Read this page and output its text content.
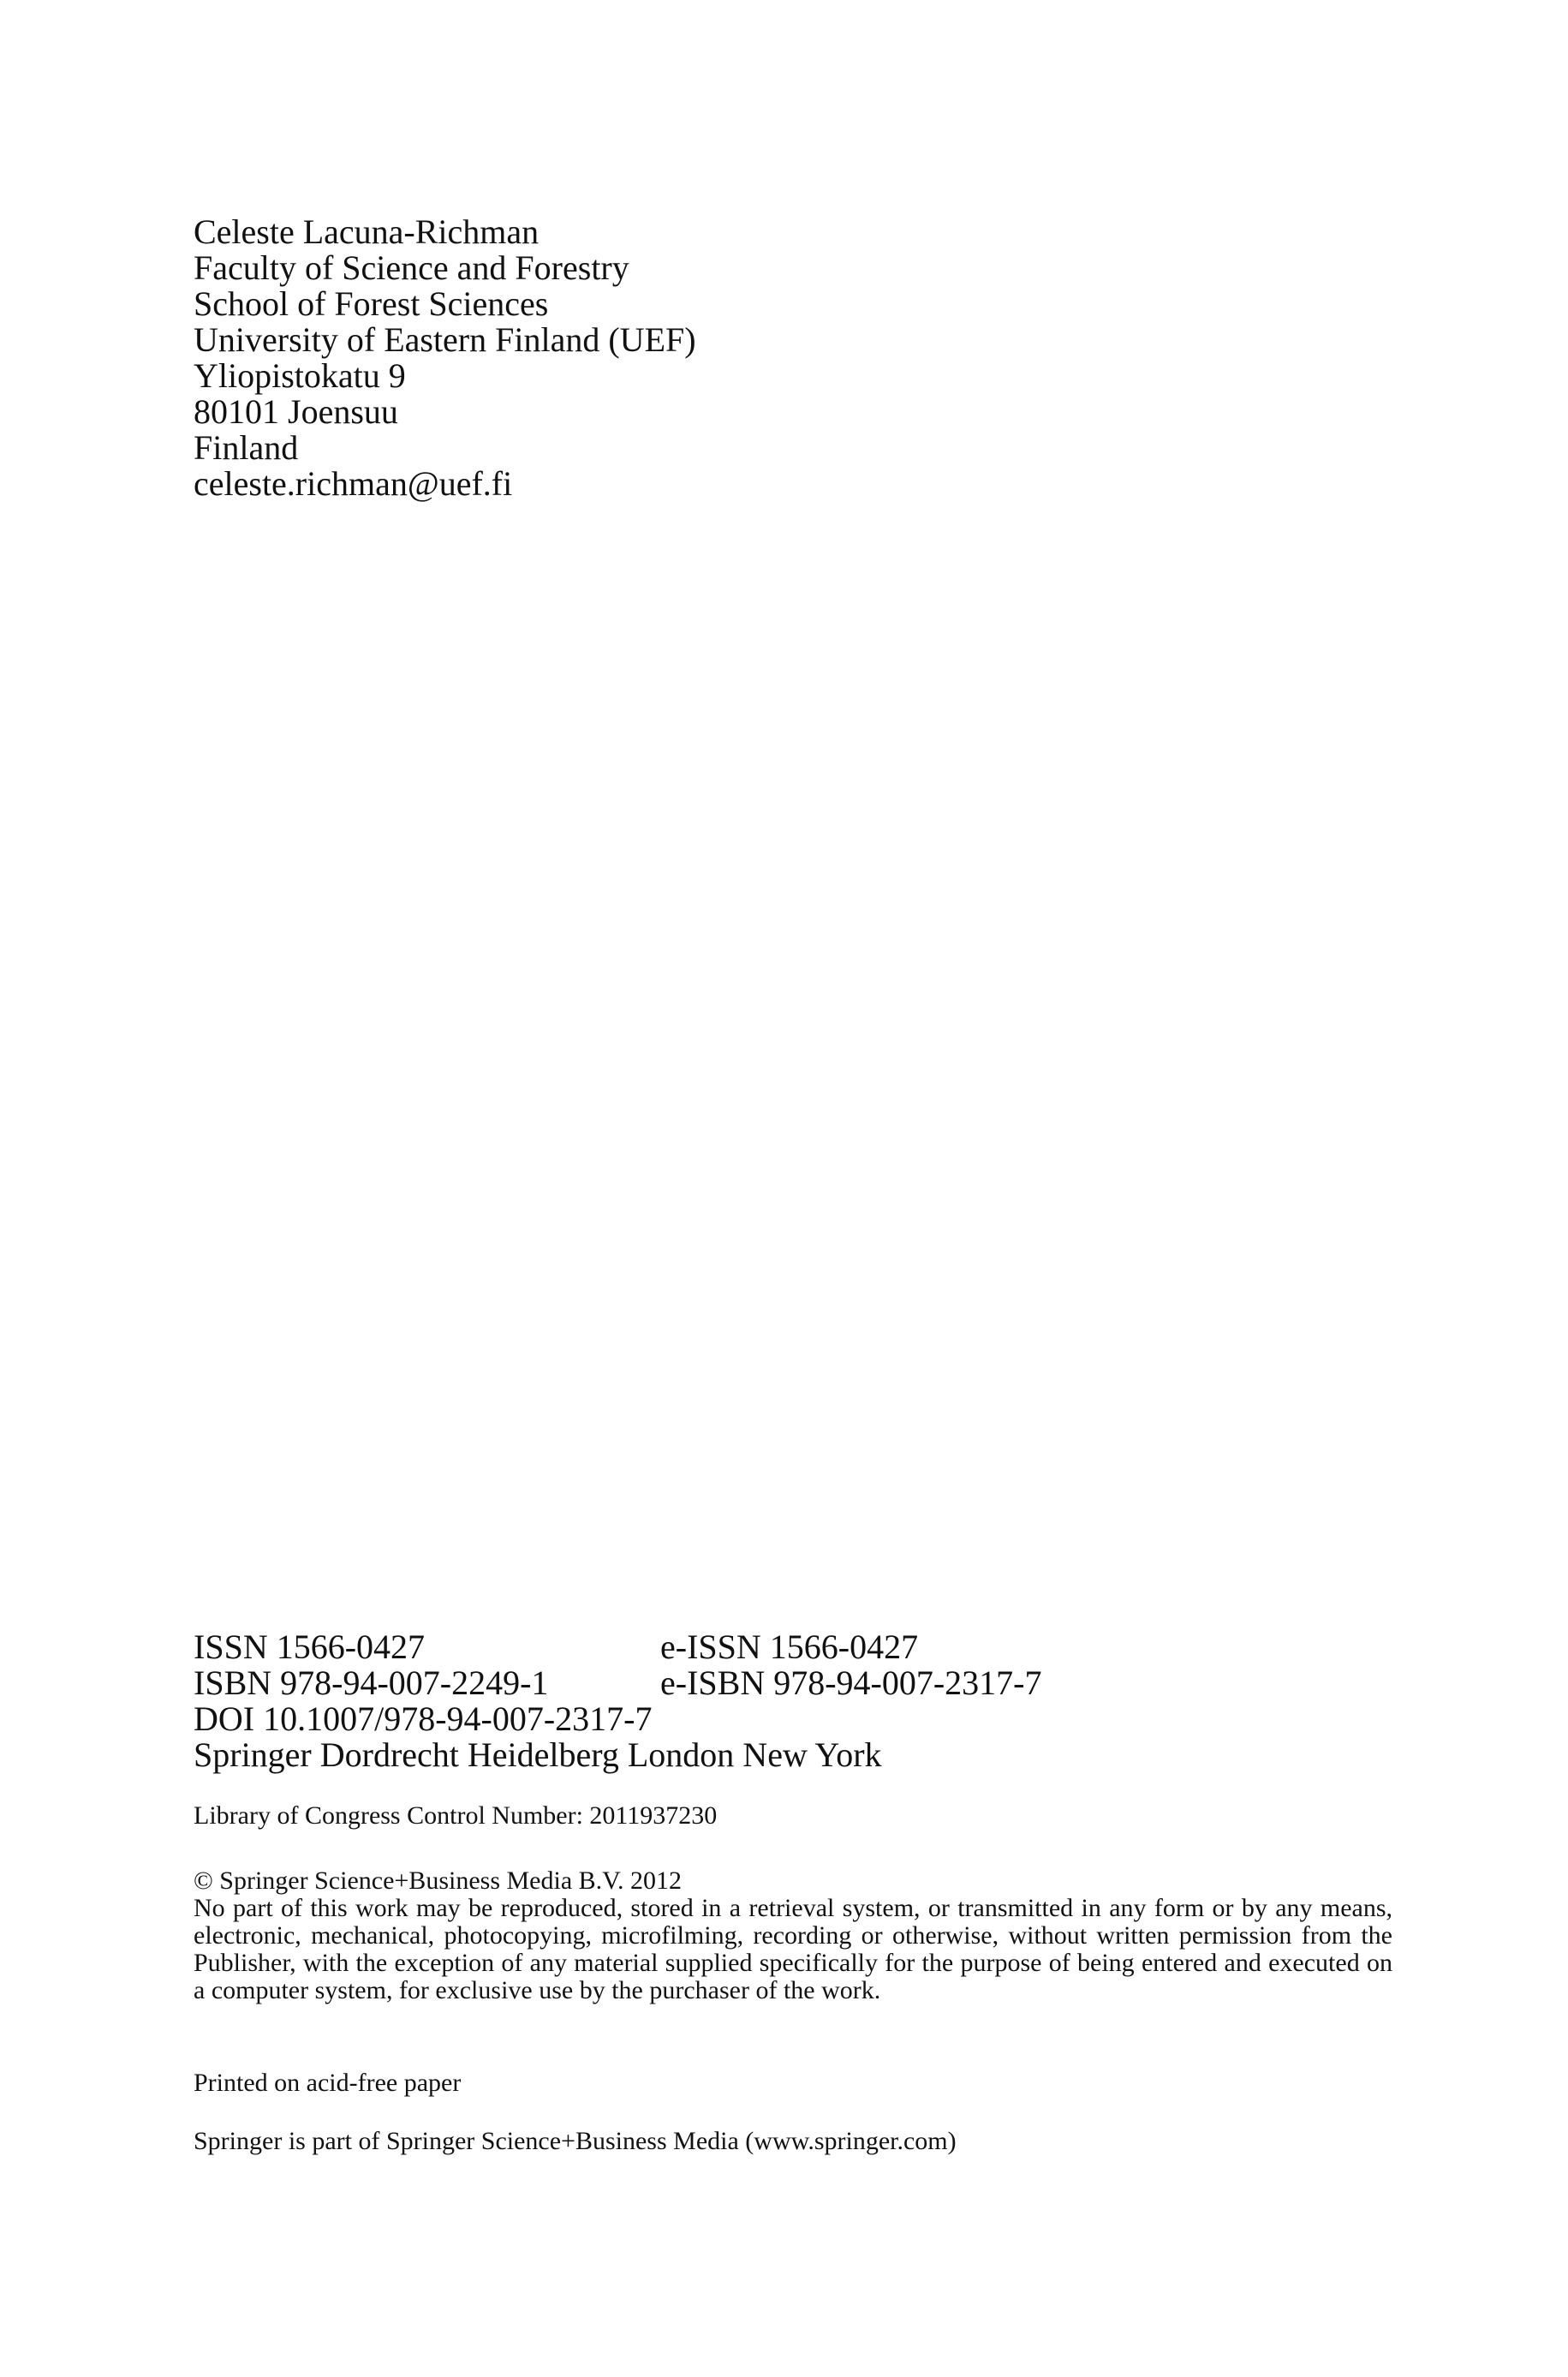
Celeste Lacuna-Richman
Faculty of Science and Forestry
School of Forest Sciences
University of Eastern Finland (UEF)
Yliopistokatu 9
80101 Joensuu
Finland
celeste.richman@uef.fi
ISSN 1566-0427	e-ISSN 1566-0427
ISBN 978-94-007-2249-1	e-ISBN 978-94-007-2317-7
DOI 10.1007/978-94-007-2317-7
Springer Dordrecht Heidelberg London New York
Library of Congress Control Number: 2011937230
© Springer Science+Business Media B.V. 2012
No part of this work may be reproduced, stored in a retrieval system, or transmitted in any form or by any means, electronic, mechanical, photocopying, microfilming, recording or otherwise, without written permission from the Publisher, with the exception of any material supplied specifically for the purpose of being entered and executed on a computer system, for exclusive use by the purchaser of the work.
Printed on acid-free paper
Springer is part of Springer Science+Business Media (www.springer.com)
